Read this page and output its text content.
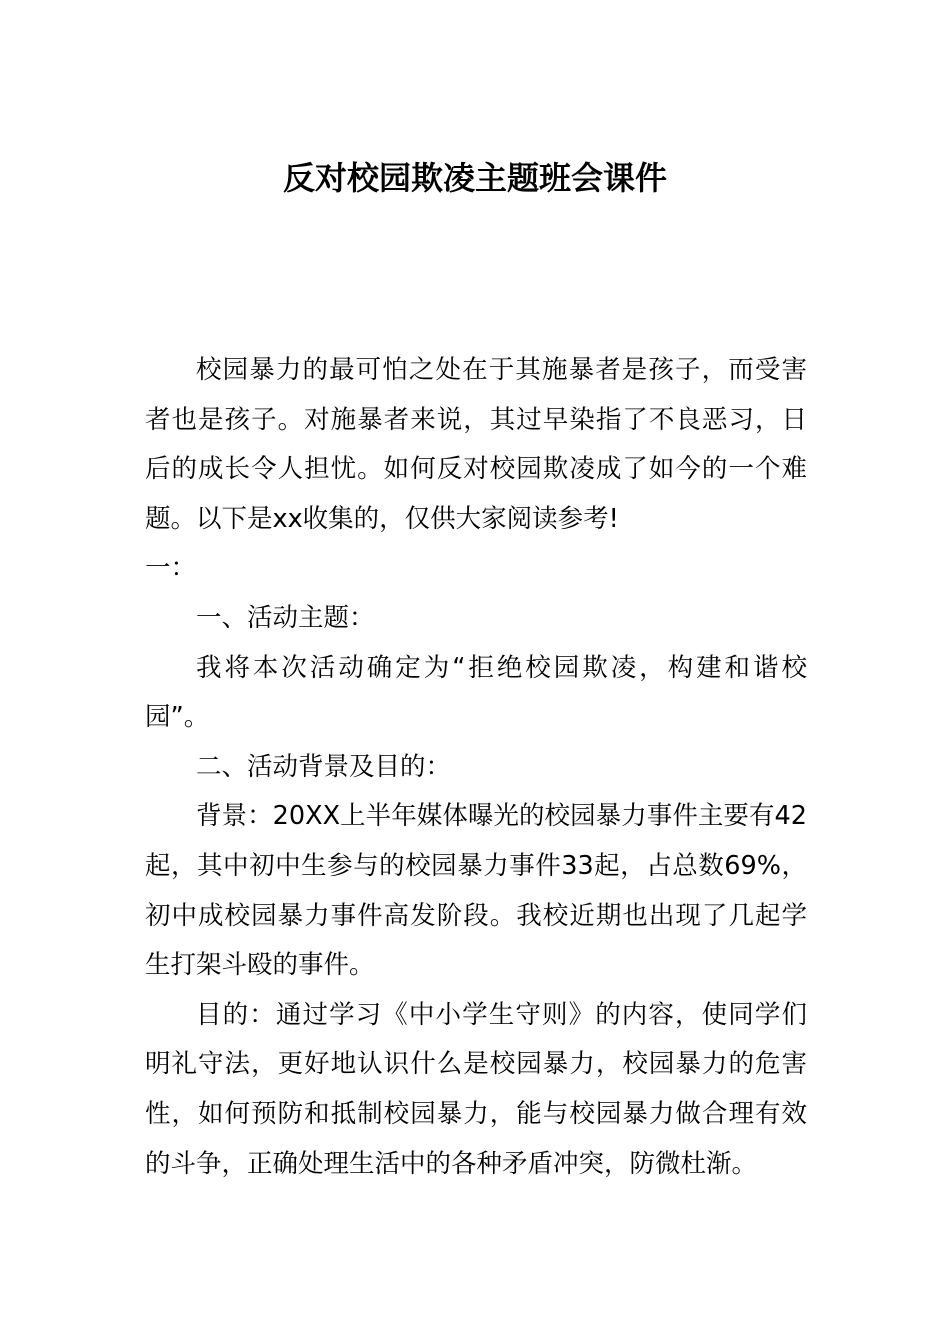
反对校园欺凌主题班会课件

校园暴力的最可怕之处在于其施暴者是孩子，而受害者也是孩子。对施暴者来说，其过早染指了不良恶习，日后的成长令人担忧。如何反对校园欺凌成了如今的一个难题。以下是xx收集的，仅供大家阅读参考!

一：

一、活动主题：

我将本次活动确定为“拒绝校园欺凌，构建和谐校园”。

二、活动背景及目的：

背景：20XX上半年媒体曝光的校园暴力事件主要有42起，其中初中生参与的校园暴力事件33起，占总数69%，初中成校园暴力事件高发阶段。我校近期也出现了几起学生打架斗殴的事件。

目的：通过学习《中小学生守则》的内容，使同学们明礼守法，更好地认识什么是校园暴力，校园暴力的危害性，如何预防和抵制校园暴力，能与校园暴力做合理有效的斗争，正确处理生活中的各种矛盾冲突，防微杜渐。
